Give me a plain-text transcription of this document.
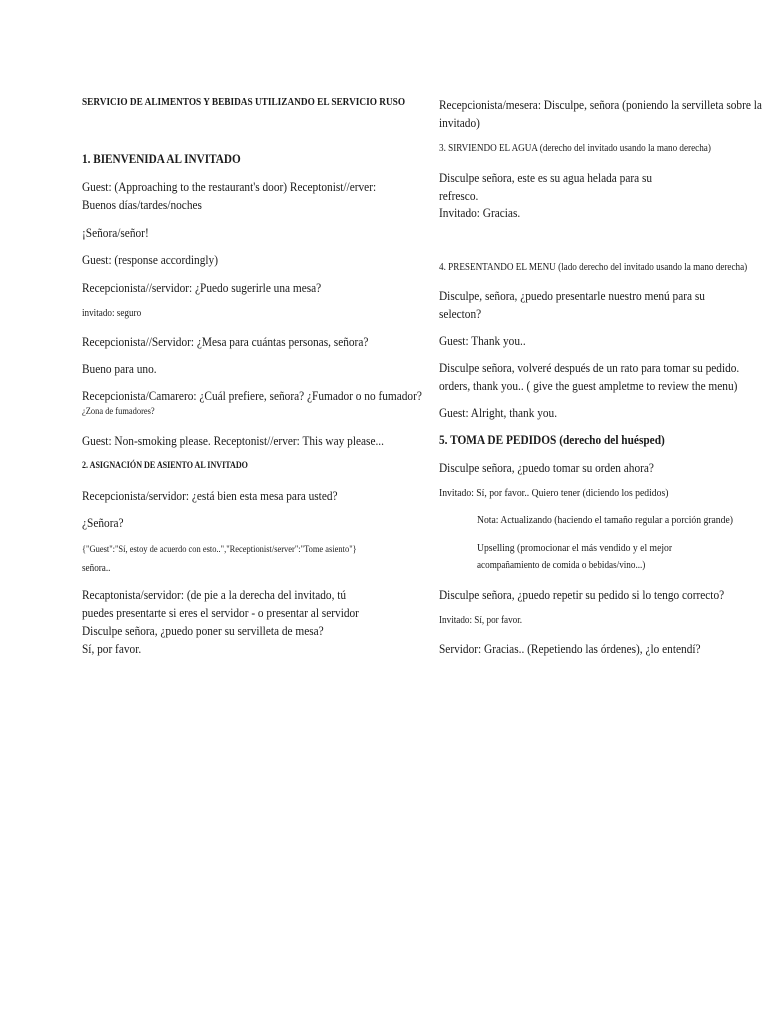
SERVICIO DE ALIMENTOS Y BEBIDAS UTILIZANDO EL SERVICIO RUSO
1. BIENVENIDA AL INVITADO
Guest: (Approaching to the restaurant's door) Receptonist//erver:
Buenos días/tardes/noches
¡Señora/señor!
Guest: (response accordingly)
Recepcionista//servidor: ¿Puedo sugerirle una mesa?
invitado: seguro
Recepcionista//Servidor: ¿Mesa para cuántas personas, señora?
Bueno para uno.
Recepcionista/Camarero: ¿Cuál prefiere, señora? ¿Fumador o no fumador?
¿Zona de fumadores?
Guest: Non-smoking please. Receptonist//erver: This way please...
2. ASIGNACIÓN DE ASIENTO AL INVITADO
Recepcionista/servidor: ¿está bien esta mesa para usted?
¿Señora?
{"Guest":"Sí, estoy de acuerdo con esto..","Receptionist/server":"Tome asiento"}
señora..
Recaptonista/servidor: (de pie a la derecha del invitado, tú
puedes presentarte si eres el servidor - o presentar al servidor
Disculpe señora, ¿puedo poner su servilleta de mesa?
Sí, por favor.
Recepcionista/mesera: Disculpe, señora (poniendo la servilleta sobre la
invitado)
3. SIRVIENDO EL AGUA (derecho del invitado usando la mano derecha)
Disculpe señora, este es su agua helada para su
refresco.
Invitado: Gracias.
4. PRESENTANDO EL MENU (lado derecho del invitado usando la mano derecha)
Disculpe, señora, ¿puedo presentarle nuestro menú para su
selecton?
Guest: Thank you..
Disculpe señora, volveré después de un rato para tomar su pedido.
orders, thank you.. ( give the guest ampletme to review the menu)
Guest: Alright, thank you.
5. TOMA DE PEDIDOS (derecho del huésped)
Disculpe señora, ¿puedo tomar su orden ahora?
Invitado: Sí, por favor.. Quiero tener (diciendo los pedidos)
Nota: Actualizando (haciendo el tamaño regular a porción grande)
Upselling (promocionar el más vendido y el mejor
acompañamiento de comida o bebidas/vino...)
Disculpe señora, ¿puedo repetir su pedido si lo tengo correcto?
Invitado: Sí, por favor.
Servidor: Gracias.. (Repetiendo las órdenes), ¿lo entendí?
